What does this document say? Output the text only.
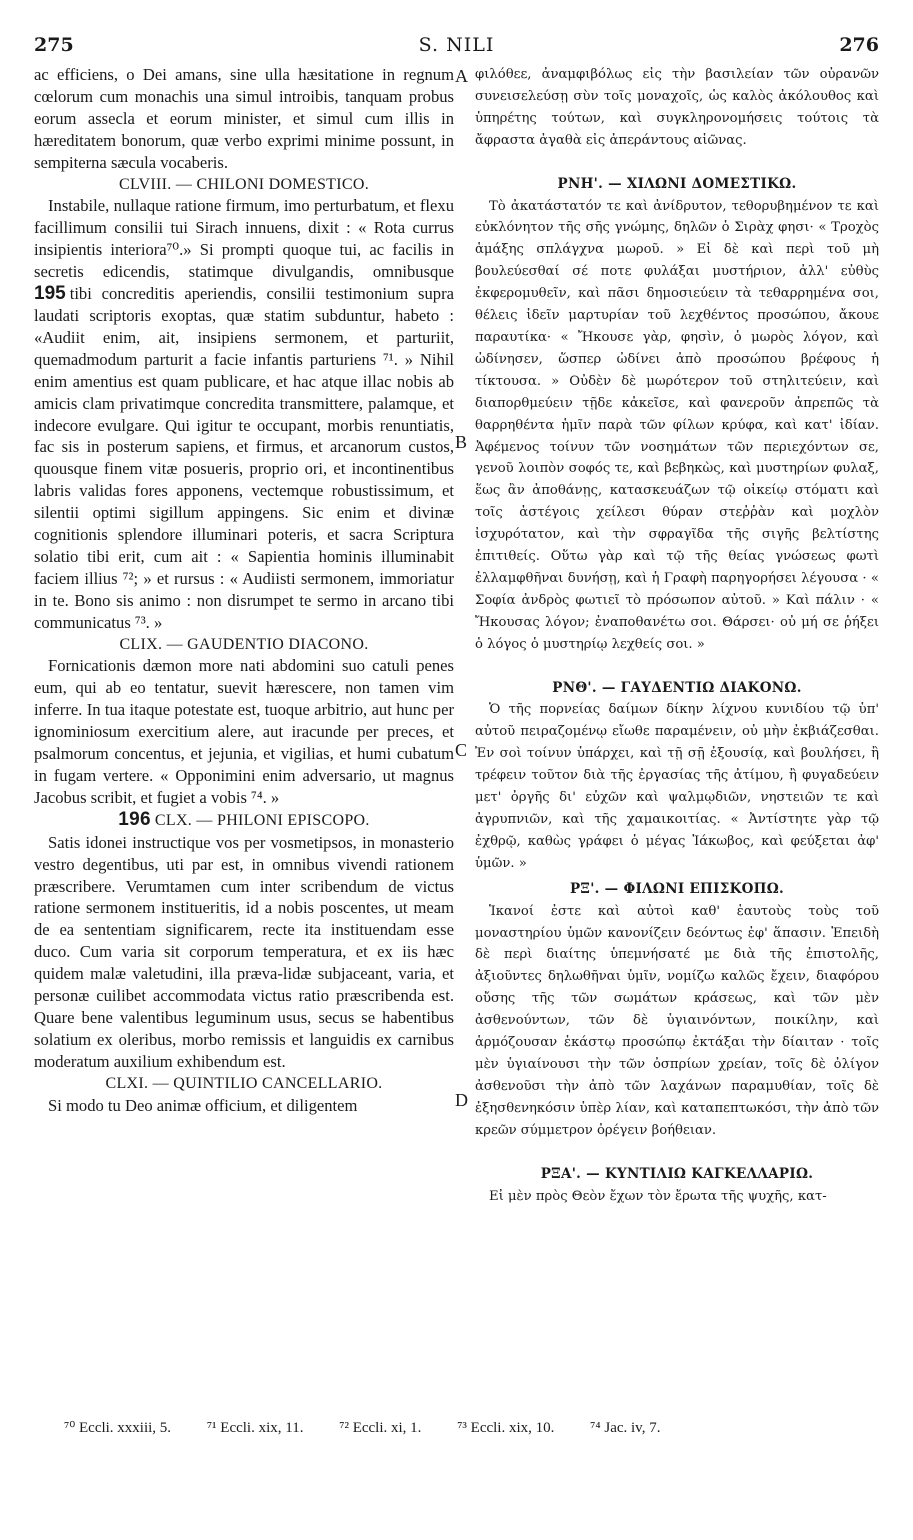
275	S. NILI	276
A
B
C
D

ac efficiens, o Dei amans, sine ulla hæsitatione in regnum cœlorum cum monachis una simul introibis, tanquam probus eorum assecla et eorum minister, et simul cum illis in hæreditatem bonorum, quæ verbo exprimi minime possunt, in sempiterna sæcula vocaberis.

CLVIII. — CHILONI DOMESTICO.

Instabile, nullaque ratione firmum, imo perturbatum, et flexu facillimum consilii tui Sirach innuens, dixit : « Rota currus insipientis interiora⁷⁰.» Si prompti quoque tui, ac facilis in secretis edicendis, statimque divulgandis, omnibusque 195 tibi concreditis aperiendis, consilii testimonium supra laudati scriptoris exoptas, quæ statim subduntur, habeto : «Audiit enim, ait, insipiens sermonem, et parturiit, quemadmodum parturit a facie infantis parturiens ⁷¹. » Nihil enim amentius est quam publicare, et hac atque illac nobis ab amicis clam privatimque concredita transmittere, palamque, et indecore evulgare. Qui igitur te occupant, morbis renuntiatis, fac sis in posterum sapiens, et firmus, et arcanorum custos, quousque finem vitæ posueris, proprio ori, et incontinentibus labris validas fores apponens, vectemque robustissimum, et silentii optimi sigillum appingens. Sic enim et divinæ cognitionis splendore illuminari poteris, et sacra Scriptura solatio tibi erit, cum ait : « Sapientia hominis illuminabit faciem illius ⁷²; » et rursus : « Audiisti sermonem, immoriatur in te. Bono sis animo : non disrumpet te sermo in arcano tibi communicatus ⁷³. »

CLIX. — GAUDENTIO DIACONO.

Fornicationis dæmon more nati abdomini suo catuli penes eum, qui ab eo tentatur, suevit hærescere, non tamen vim inferre. In tua itaque potestate est, tuoque arbitrio, aut hunc per ignominiosum exercitium alere, aut iracunde per preces, et psalmorum concentus, et jejunia, et vigilias, et humi cubatum in fugam vertere. « Opponimini enim adversario, ut magnus Jacobus scribit, et fugiet a vobis ⁷⁴. »

196 CLX. — PHILONI EPISCOPO.

Satis idonei instructique vos per vosmetipsos, in monasterio vestro degentibus, uti par est, in omnibus vivendi rationem præscribere. Verumtamen cum inter scribendum de victus ratione sermonem institueritis, id a nobis poscentes, ut meam de ea sententiam significarem, recte ita instituendam esse duco. Cum varia sit corporum temperatura, et ex iis hæc quidem malæ valetudini, illa præva-lidæ subjaceant, varia, et personæ cuilibet accommodata victus ratio præscribenda est. Quare bene valentibus leguminum usus, secus se habentibus solatium ex oleribus, morbo remissis et languidis ex carnibus moderatum auxilium exhibendum est.

CLXI. — QUINTILIO CANCELLARIO.

Si modo tu Deo animæ officium, et diligentem

φιλόθεε, ἀναμφιβόλως εἰς τὴν βασιλείαν τῶν οὐρανῶν συνεισελεύσῃ σὺν τοῖς μοναχοῖς, ὡς καλὸς ἀκόλουθος καὶ ὑπηρέτης τούτων, καὶ συγκληρονομήσεις τούτοις τὰ ἄφραστα ἀγαθὰ εἰς ἀπεράντους αἰῶνας.

ΡΝΗ'. — ΧΙΛΩΝΙ ΔΟΜΕΣΤΙΚΩ.

Τὸ ἀκατάστατόν τε καὶ ἀνίδρυτον, τεθορυβημένον τε καὶ εὐκλόνητον τῆς σῆς γνώμης, δηλῶν ὁ Σιρὰχ φησι· « Τροχὸς ἁμάξης σπλάγχνα μωροῦ. » Εἰ δὲ καὶ περὶ τοῦ μὴ βουλεύεσθαί σέ ποτε φυλάξαι μυστήριον, ἀλλ' εὐθὺς ἐκφερομυθεῖν, καὶ πᾶσι δημοσιεύειν τὰ τεθαρρημένα σοι, θέλεις ἰδεῖν μαρτυρίαν τοῦ λεχθέντος προσώπου, ἄκουε παραυτίκα· « Ἤκουσε γὰρ, φησὶν, ὁ μωρὸς λόγον, καὶ ὠδίνησεν, ὥσπερ ὠδίνει ἀπὸ προσώπου βρέφους ἡ τίκτουσα. » Οὐδὲν δὲ μωρότερον τοῦ στηλιτεύειν, καὶ διαπορθμεύειν τῇδε κἀκεῖσε, καὶ φανεροῦν ἀπρεπῶς τὰ θαρρηθέντα ἡμῖν παρὰ τῶν φίλων κρύφα, καὶ κατ' ἰδίαν. Ἀφέμενος τοίνυν τῶν νοσημάτων τῶν περιεχόντων σε, γενοῦ λοιπὸν σοφός τε, καὶ βεβηκὼς, καὶ μυστηρίων φυλαξ, ἕως ἂν ἀποθάνῃς, κατασκευάζων τῷ οἰκείῳ στόματι καὶ τοῖς ἀστέγοις χείλεσι θύραν στεῤῥὰν καὶ μοχλὸν ἰσχυρότατον, καὶ τὴν σφραγῖδα τῆς σιγῆς βελτίστης ἐπιτιθείς. Οὕτω γὰρ καὶ τῷ τῆς θείας γνώσεως φωτὶ ἐλλαμφθῆναι δυνήσῃ, καὶ ἡ Γραφὴ παρηγορήσει λέγουσα · « Σοφία ἀνδρὸς φωτιεῖ τὸ πρόσωπον αὐτοῦ. » Καὶ πάλιν · « Ἤκουσας λόγον; ἐναποθανέτω σοι. Θάρσει· οὐ μή σε ῥήξει ὁ λόγος ὁ μυστηρίῳ λεχθείς σοι. »

ΡΝΘ'. — ΓΑΥΔΕΝΤΙΩ ΔΙΑΚΟΝΩ.

Ὁ τῆς πορνείας δαίμων δίκην λίχνου κυνιδίου τῷ ὑπ' αὐτοῦ πειραζομένῳ εἴωθε παραμένειν, οὐ μὴν ἐκβιάζεσθαι. Ἐν σοὶ τοίνυν ὑπάρχει, καὶ τῇ σῇ ἐξουσίᾳ, καὶ βουλήσει, ἢ τρέφειν τοῦτον διὰ τῆς ἐργασίας τῆς ἀτίμου, ἢ φυγαδεύειν μετ' ὀργῆς δι' εὐχῶν καὶ ψαλμῳδιῶν, νηστειῶν τε καὶ ἀγρυπνιῶν, καὶ τῆς χαμαικοιτίας. « Ἀντίστητε γὰρ τῷ ἐχθρῷ, καθὼς γράφει ὁ μέγας Ἰάκωβος, καὶ φεύξεται ἀφ' ὑμῶν. »

ΡΞ'. — ΦΙΛΩΝΙ ΕΠΙΣΚΟΠΩ.

Ἱκανοί ἐστε καὶ αὐτοὶ καθ' ἑαυτοὺς τοὺς τοῦ μοναστηρίου ὑμῶν κανονίζειν δεόντως ἐφ' ἅπασιν. Ἐπειδὴ δὲ περὶ διαίτης ὑπεμνήσατέ με διὰ τῆς ἐπιστολῆς, ἀξιοῦντες δηλωθῆναι ὑμῖν, νομίζω καλῶς ἔχειν, διαφόρου οὔσης τῆς τῶν σωμάτων κράσεως, καὶ τῶν μὲν ἀσθενούντων, τῶν δὲ ὑγιαινόντων, ποικίλην, καὶ ἁρμόζουσαν ἑκάστῳ προσώπῳ ἐκτάξαι τὴν δίαιταν · τοῖς μὲν ὑγιαίνουσι τὴν τῶν ὀσπρίων χρείαν, τοῖς δὲ ὀλίγον ἀσθενοῦσι τὴν ἀπὸ τῶν λαχάνων παραμυθίαν, τοῖς δὲ ἐξησθενηκόσιν ὑπὲρ λίαν, καὶ καταπεπτωκόσι, τὴν ἀπὸ τῶν κρεῶν σύμμετρον ὀρέγειν βοήθειαν.

ΡΞΑ'. — ΚΥΝΤΙΛΙΩ ΚΑΓΚΕΛΛΑΡΙΩ.

Εἰ μὲν πρὸς Θεὸν ἔχων τὸν ἔρωτα τῆς ψυχῆς, κατ-

⁷⁰ Eccli. xxxiii, 5. ⁷¹ Eccli. xix, 11. ⁷² Eccli. xi, 1. ⁷³ Eccli. xix, 10. ⁷⁴ Jac. iv, 7.
